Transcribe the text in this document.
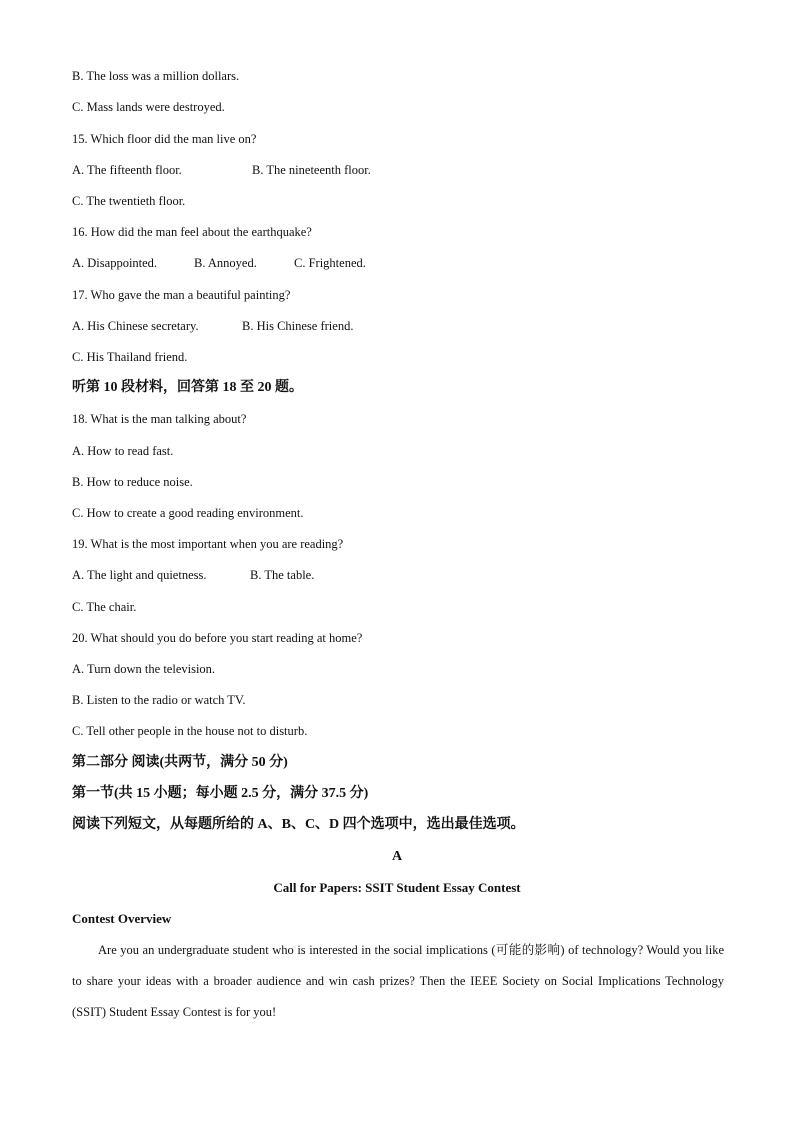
B. The loss was a million dollars.
C. Mass lands were destroyed.
15. Which floor did the man live on?
A. The fifteenth floor.	B. The nineteenth floor.
C. The twentieth floor.
16. How did the man feel about the earthquake?
A. Disappointed.	B. Annoyed.	C. Frightened.
17. Who gave the man a beautiful painting?
A. His Chinese secretary.	B. His Chinese friend.
C. His Thailand friend.
听第 10 段材料，回答第 18 至 20 题。
18. What is the man talking about?
A. How to read fast.
B. How to reduce noise.
C. How to create a good reading environment.
19. What is the most important when you are reading?
A. The light and quietness.	B. The table.
C. The chair.
20. What should you do before you start reading at home?
A. Turn down the television.
B. Listen to the radio or watch TV.
C. Tell other people in the house not to disturb.
第二部分 阅读(共两节，满分 50 分)
第一节(共 15 小题；每小题 2.5 分，满分 37.5 分)
阅读下列短文，从每题所给的 A、B、C、D 四个选项中，选出最佳选项。
A
Call for Papers: SSIT Student Essay Contest
Contest Overview
Are you an undergraduate student who is interested in the social implications (可能的影响) of technology? Would you like to share your ideas with a broader audience and win cash prizes? Then the IEEE Society on Social Implications Technology (SSIT) Student Essay Contest is for you!
